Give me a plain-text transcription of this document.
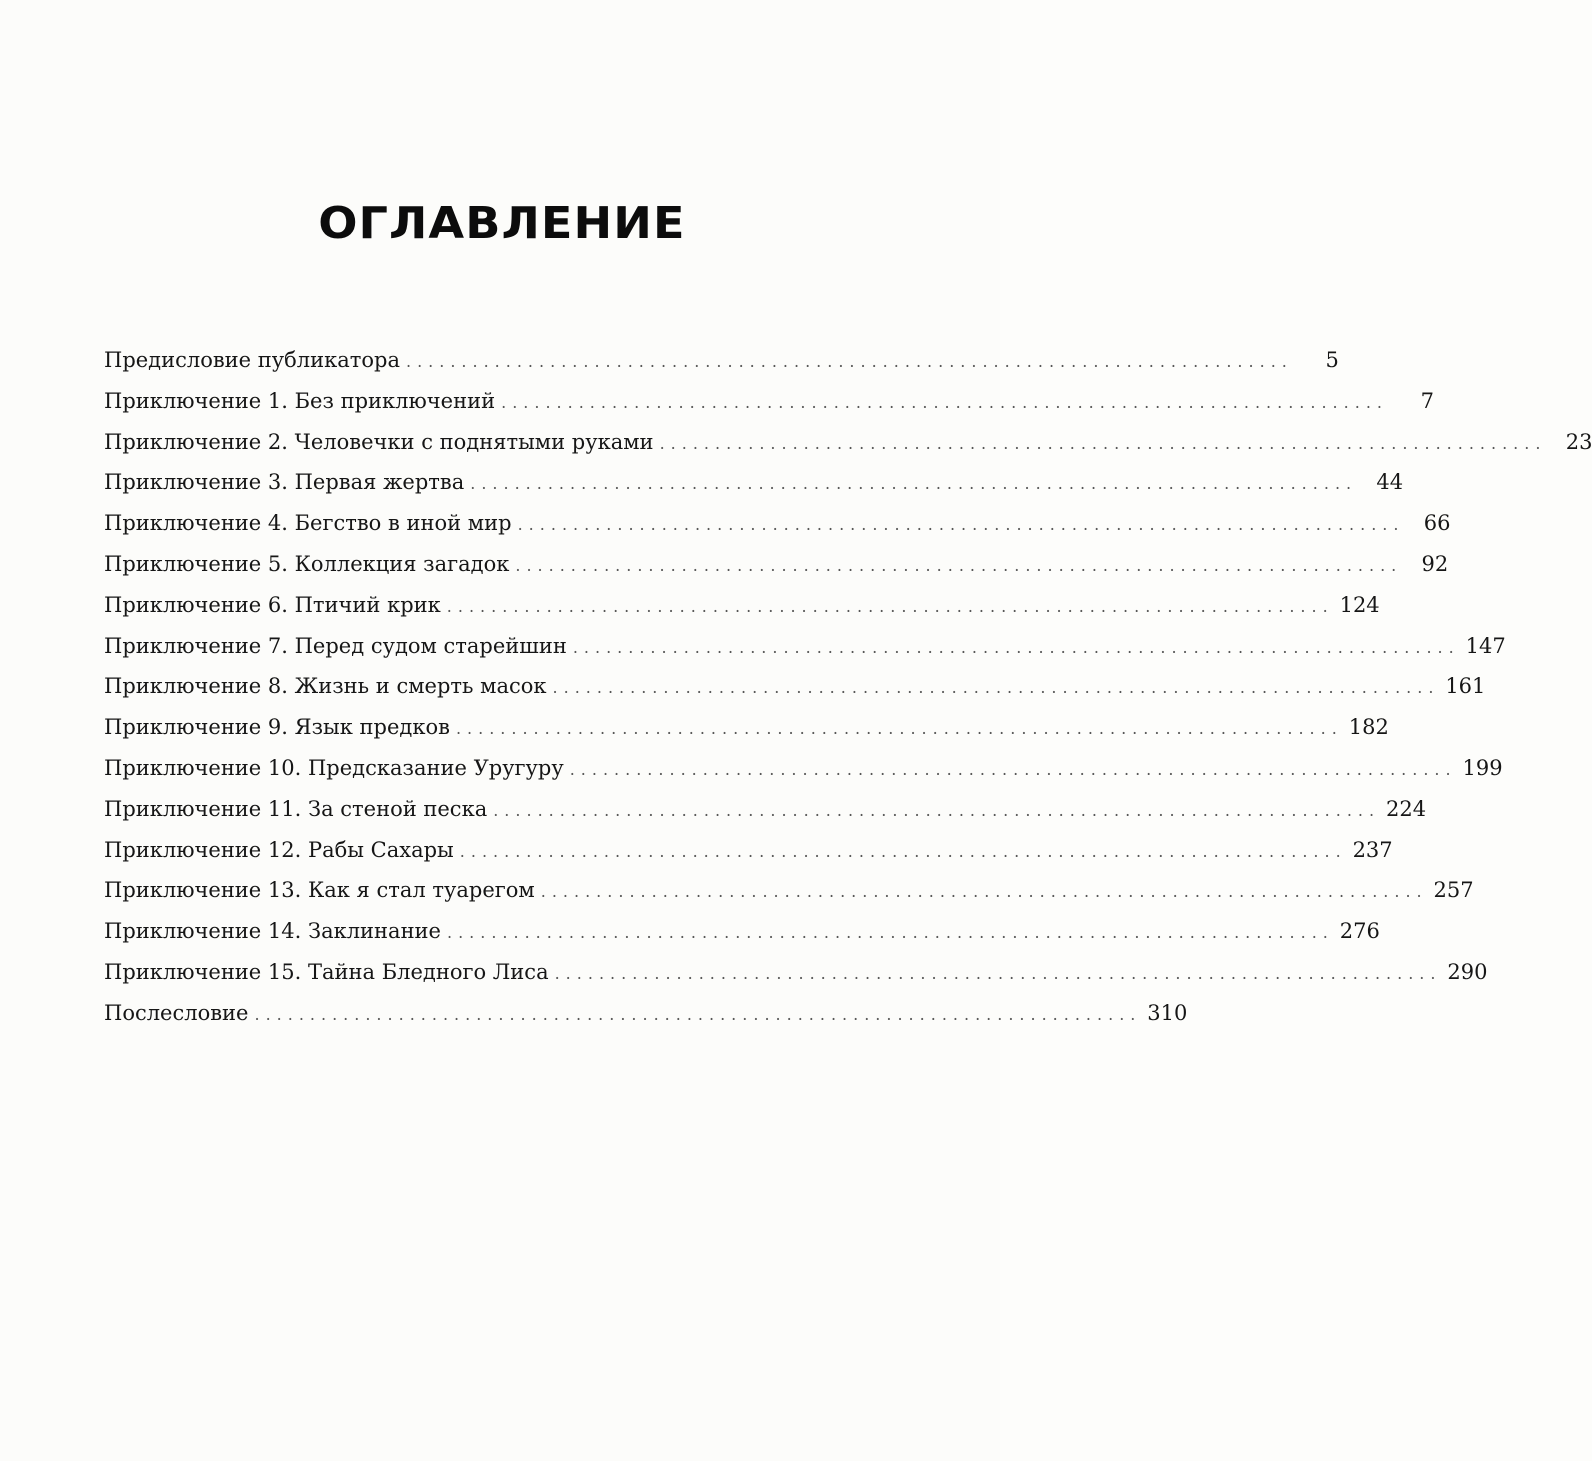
ОГЛАВЛЕНИЕ
Предисловие публикатора ................................................................................	5
Приключение 1. Без приключений ................................................................................	7
Приключение 2. Человечки с поднятыми руками ................................................................................ 23
Приключение 3. Первая жертва ................................................................................ 44
Приключение 4. Бегство в иной мир ................................................................................ 66
Приключение 5. Коллекция загадок ................................................................................ 92
Приключение 6. Птичий крик ................................................................................ 124
Приключение 7. Перед судом старейшин ................................................................................ 147
Приключение 8. Жизнь и смерть масок ................................................................................ 161
Приключение 9. Язык предков ................................................................................ 182
Приключение 10. Предсказание Уругуру ................................................................................ 199
Приключение 11. За стеной песка ................................................................................ 224
Приключение 12. Рабы Сахары ................................................................................ 237
Приключение 13. Как я стал туарегом ................................................................................ 257
Приключение 14. Заклинание ................................................................................ 276
Приключение 15. Тайна Бледного Лиса ................................................................................ 290
Послесловие ................................................................................ 310
